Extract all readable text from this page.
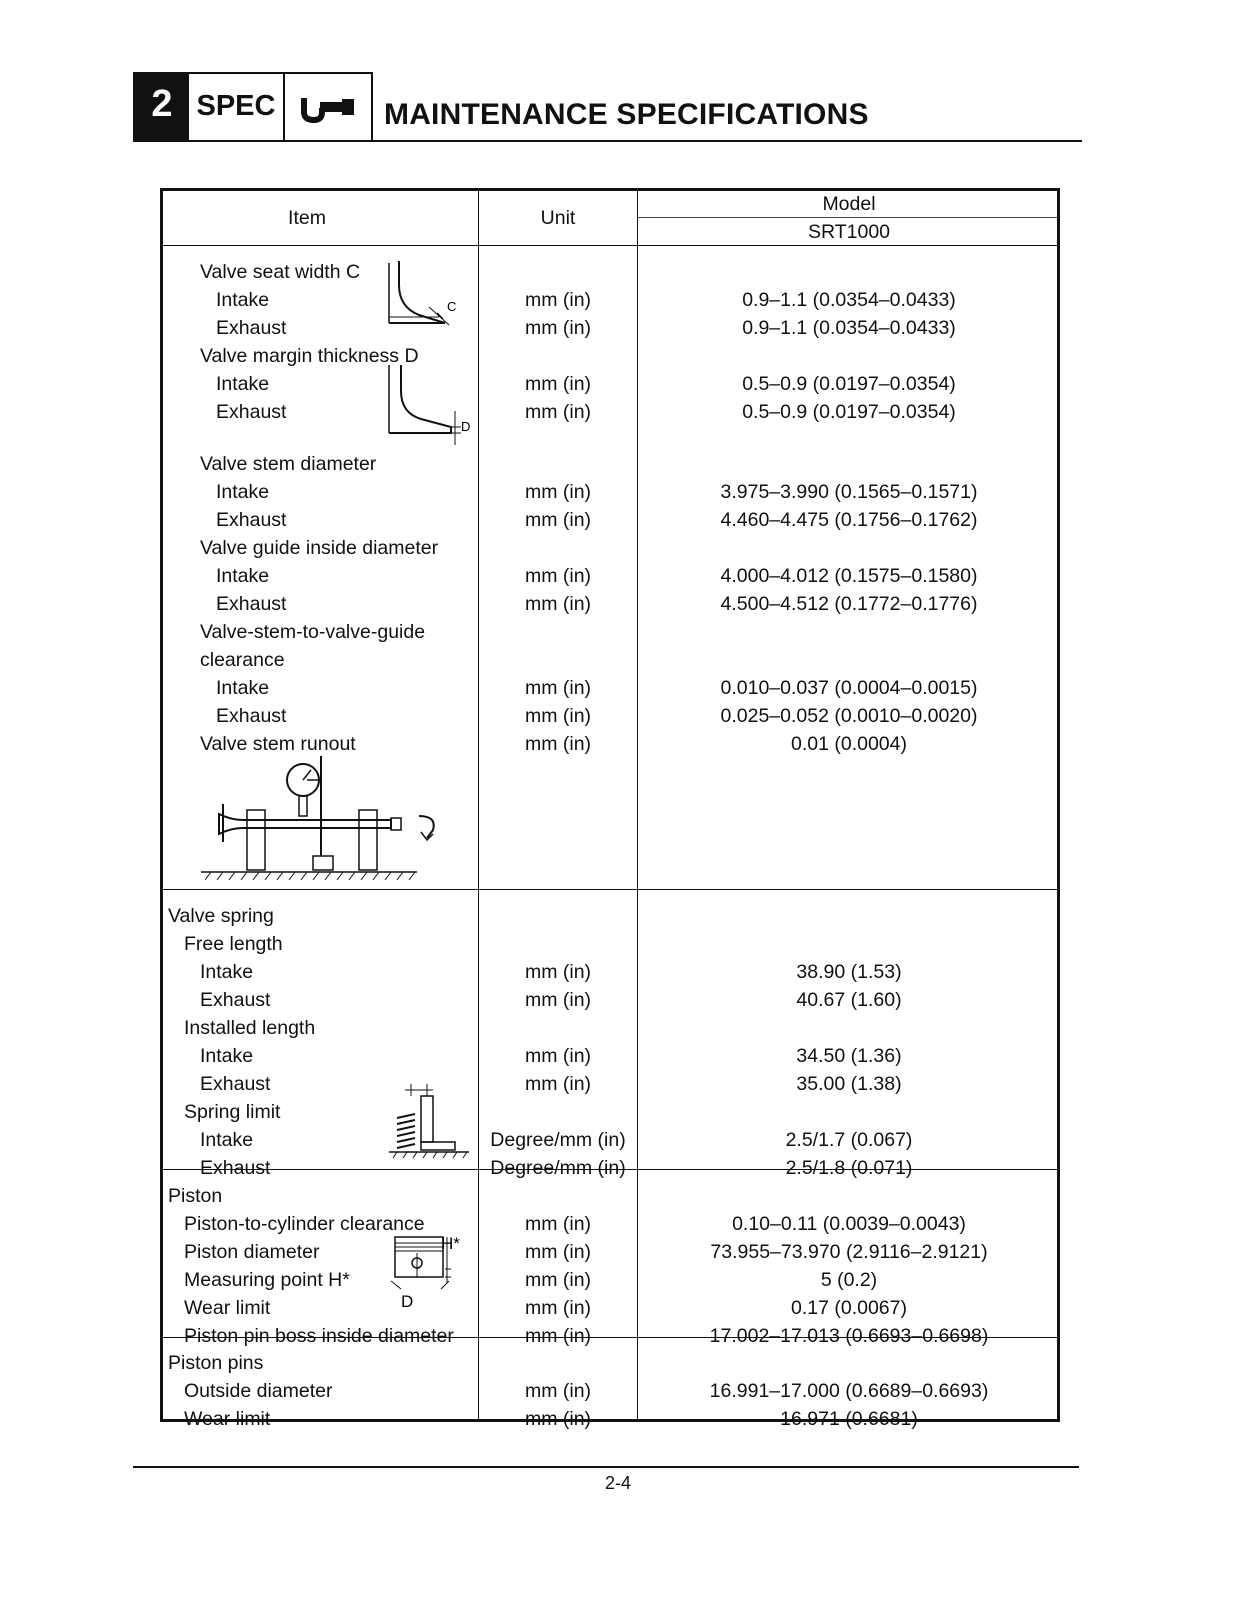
2 SPEC	MAINTENANCE SPECIFICATIONS
Item	Unit
Model
SRT1000
Valve seat width C
Intake	mm (in)	0.9–1.1 (0.0354–0.0433)
Exhaust	mm (in)	0.9–1.1 (0.0354–0.0433)
Valve margin thickness D
Intake	mm (in)	0.5–0.9 (0.0197–0.0354)
Exhaust	mm (in)	0.5–0.9 (0.0197–0.0354)
Valve stem diameter
Intake	mm (in)	3.975–3.990 (0.1565–0.1571)
Exhaust	mm (in)	4.460–4.475 (0.1756–0.1762)
Valve guide inside diameter
Intake	mm (in)	4.000–4.012 (0.1575–0.1580)
Exhaust	mm (in)	4.500–4.512 (0.1772–0.1776)
Valve-stem-to-valve-guide
clearance
Intake	mm (in)	0.010–0.037 (0.0004–0.0015)
Exhaust	mm (in)	0.025–0.052 (0.0010–0.0020)
Valve stem runout	mm (in)	0.01 (0.0004)
Valve spring
Free length
Intake	mm (in)	38.90 (1.53)
Exhaust	mm (in)	40.67 (1.60)
Installed length
Intake	mm (in)	34.50 (1.36)
Exhaust	mm (in)	35.00 (1.38)
Spring limit
Intake	Degree/mm (in)	2.5/1.7 (0.067)
Exhaust	Degree/mm (in)	2.5/1.8 (0.071)
Piston
Piston-to-cylinder clearance	mm (in)	0.10–0.11 (0.0039–0.0043)
Piston diameter	mm (in)	73.955–73.970 (2.9116–2.9121)
Measuring point H*	mm (in)	5 (0.2)
Wear limit	mm (in)	0.17 (0.0067)
Piston pin boss inside diameter	mm (in)	17.002–17.013 (0.6693–0.6698)
Piston pins
Outside diameter	mm (in)	16.991–17.000 (0.6689–0.6693)
Wear limit	mm (in)	16.971 (0.6681)
C
D
H*
D
2-4
